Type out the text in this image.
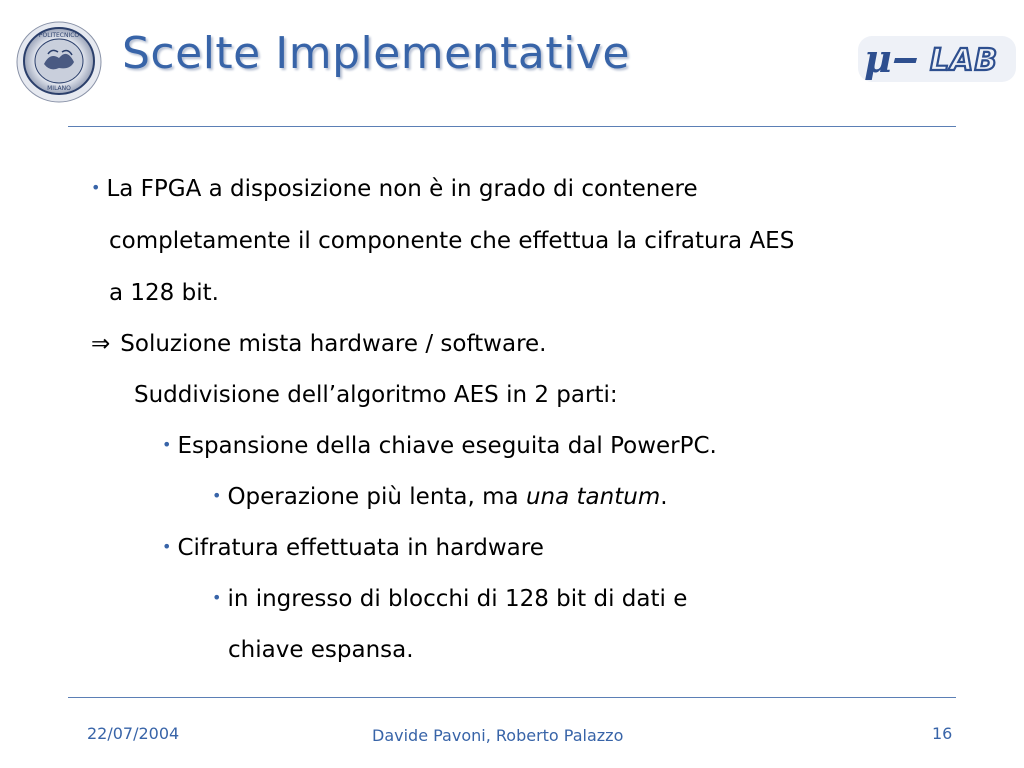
POLITECNICO
MILANO
Scelte Implementative	μ LAB
• La FPGA a disposizione non è in grado di contenere
completamente il componente che effettua la cifratura AES
a 128 bit.
⇒ Soluzione mista hardware / software.
Suddivisione dell’algoritmo AES in 2 parti:
• Espansione della chiave eseguita dal PowerPC.
• Operazione più lenta, ma una tantum.
• Cifratura effettuata in hardware
• in ingresso di blocchi di 128 bit di dati e
chiave espansa.
22/07/2004	Davide Pavoni, Roberto Palazzo	16
